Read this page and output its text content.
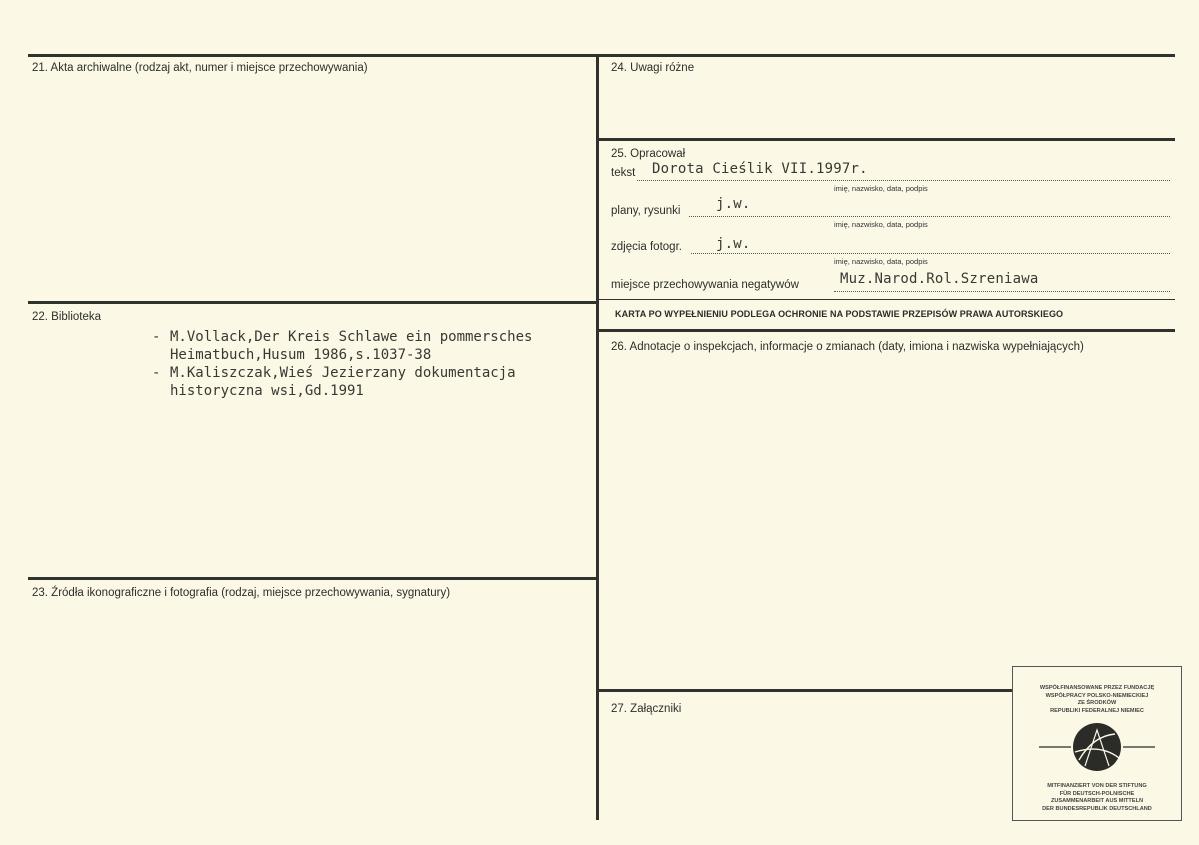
21. Akta archiwalne (rodzaj akt, numer i miejsce przechowywania)
22. Biblioteka
23. Źródła ikonograficzne i fotografia (rodzaj, miejsce przechowywania, sygnatury)
- M.Vollack,Der Kreis Schlawe ein pommersches
Heimatbuch,Husum 1986,s.1037-38
- M.Kaliszczak,Wieś Jezierzany dokumentacja
historyczna wsi,Gd.1991
24. Uwagi różne
25. Opracował
tekst Dorota Cieślik VII.1997r.
imię, nazwisko, data, podpis
plany, rysunki	j.w.
imię, nazwisko, data, podpis
zdjęcia fotogr. j.w.
imię, nazwisko, data, podpis
miejsce przechowywania negatywów	Muz.Narod.Rol.Szreniawa
KARTA PO WYPEŁNIENIU PODLEGA OCHRONIE NA PODSTAWIE PRZEPISÓW PRAWA AUTORSKIEGO
26. Adnotacje o inspekcjach, informacje o zmianach (daty, imiona i nazwiska wypełniających)
27. Załączniki
WSPÓŁFINANSOWANE PRZEZ FUNDACJĘ
WSPÓŁPRACY POLSKO-NIEMIECKIEJ
ZE ŚRODKÓW
REPUBLIKI FEDERALNEJ NIEMIEC
MITFINANZIERT VON DER STIFTUNG
FÜR DEUTSCH-POLNISCHE
ZUSAMMENARBEIT AUS MITTELN
DER BUNDESREPUBLIK DEUTSCHLAND
